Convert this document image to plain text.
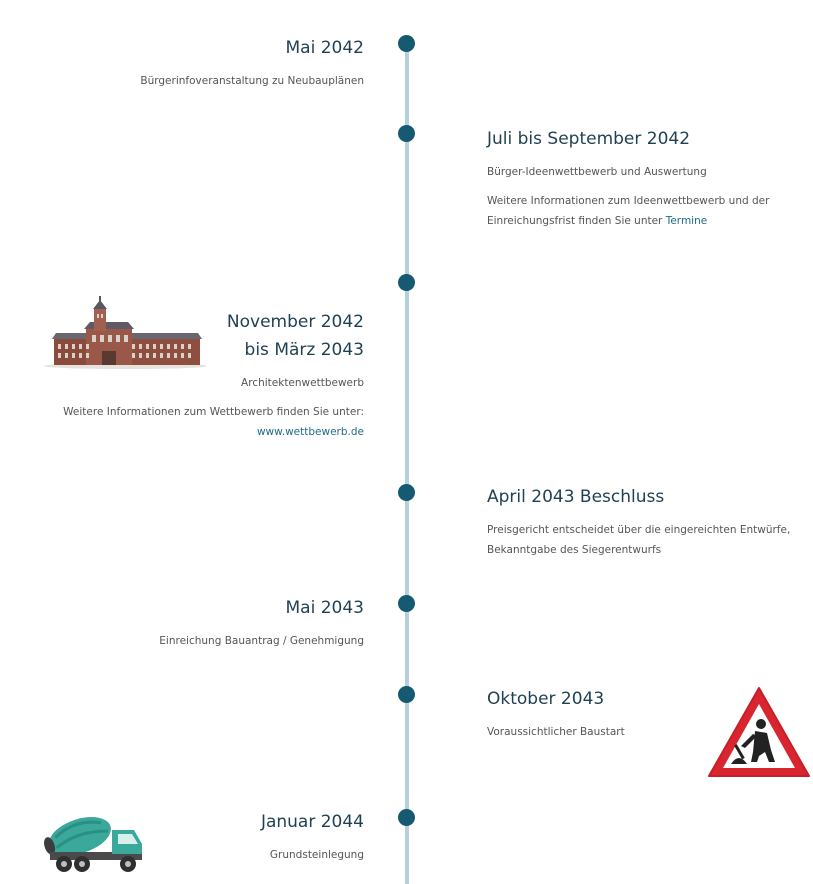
Mai 2042
Bürgerinfoveranstaltung zu Neubauplänen
Juli bis September 2042
Bürger-Ideenwettbewerb und Auswertung
Weitere Informationen zum Ideenwettbewerb und der
Einreichungsfrist finden Sie unter Termine
November 2042
bis März 2043
Architektenwettbewerb
Weitere Informationen zum Wettbewerb finden Sie unter:
www.wettbewerb.de
April 2043 Beschluss
Preisgericht entscheidet über die eingereichten Entwürfe,
Bekanntgabe des Siegerentwurfs
Mai 2043
Einreichung Bauantrag / Genehmigung
Oktober 2043
Voraussichtlicher Baustart
Januar 2044
Grundsteinlegung
